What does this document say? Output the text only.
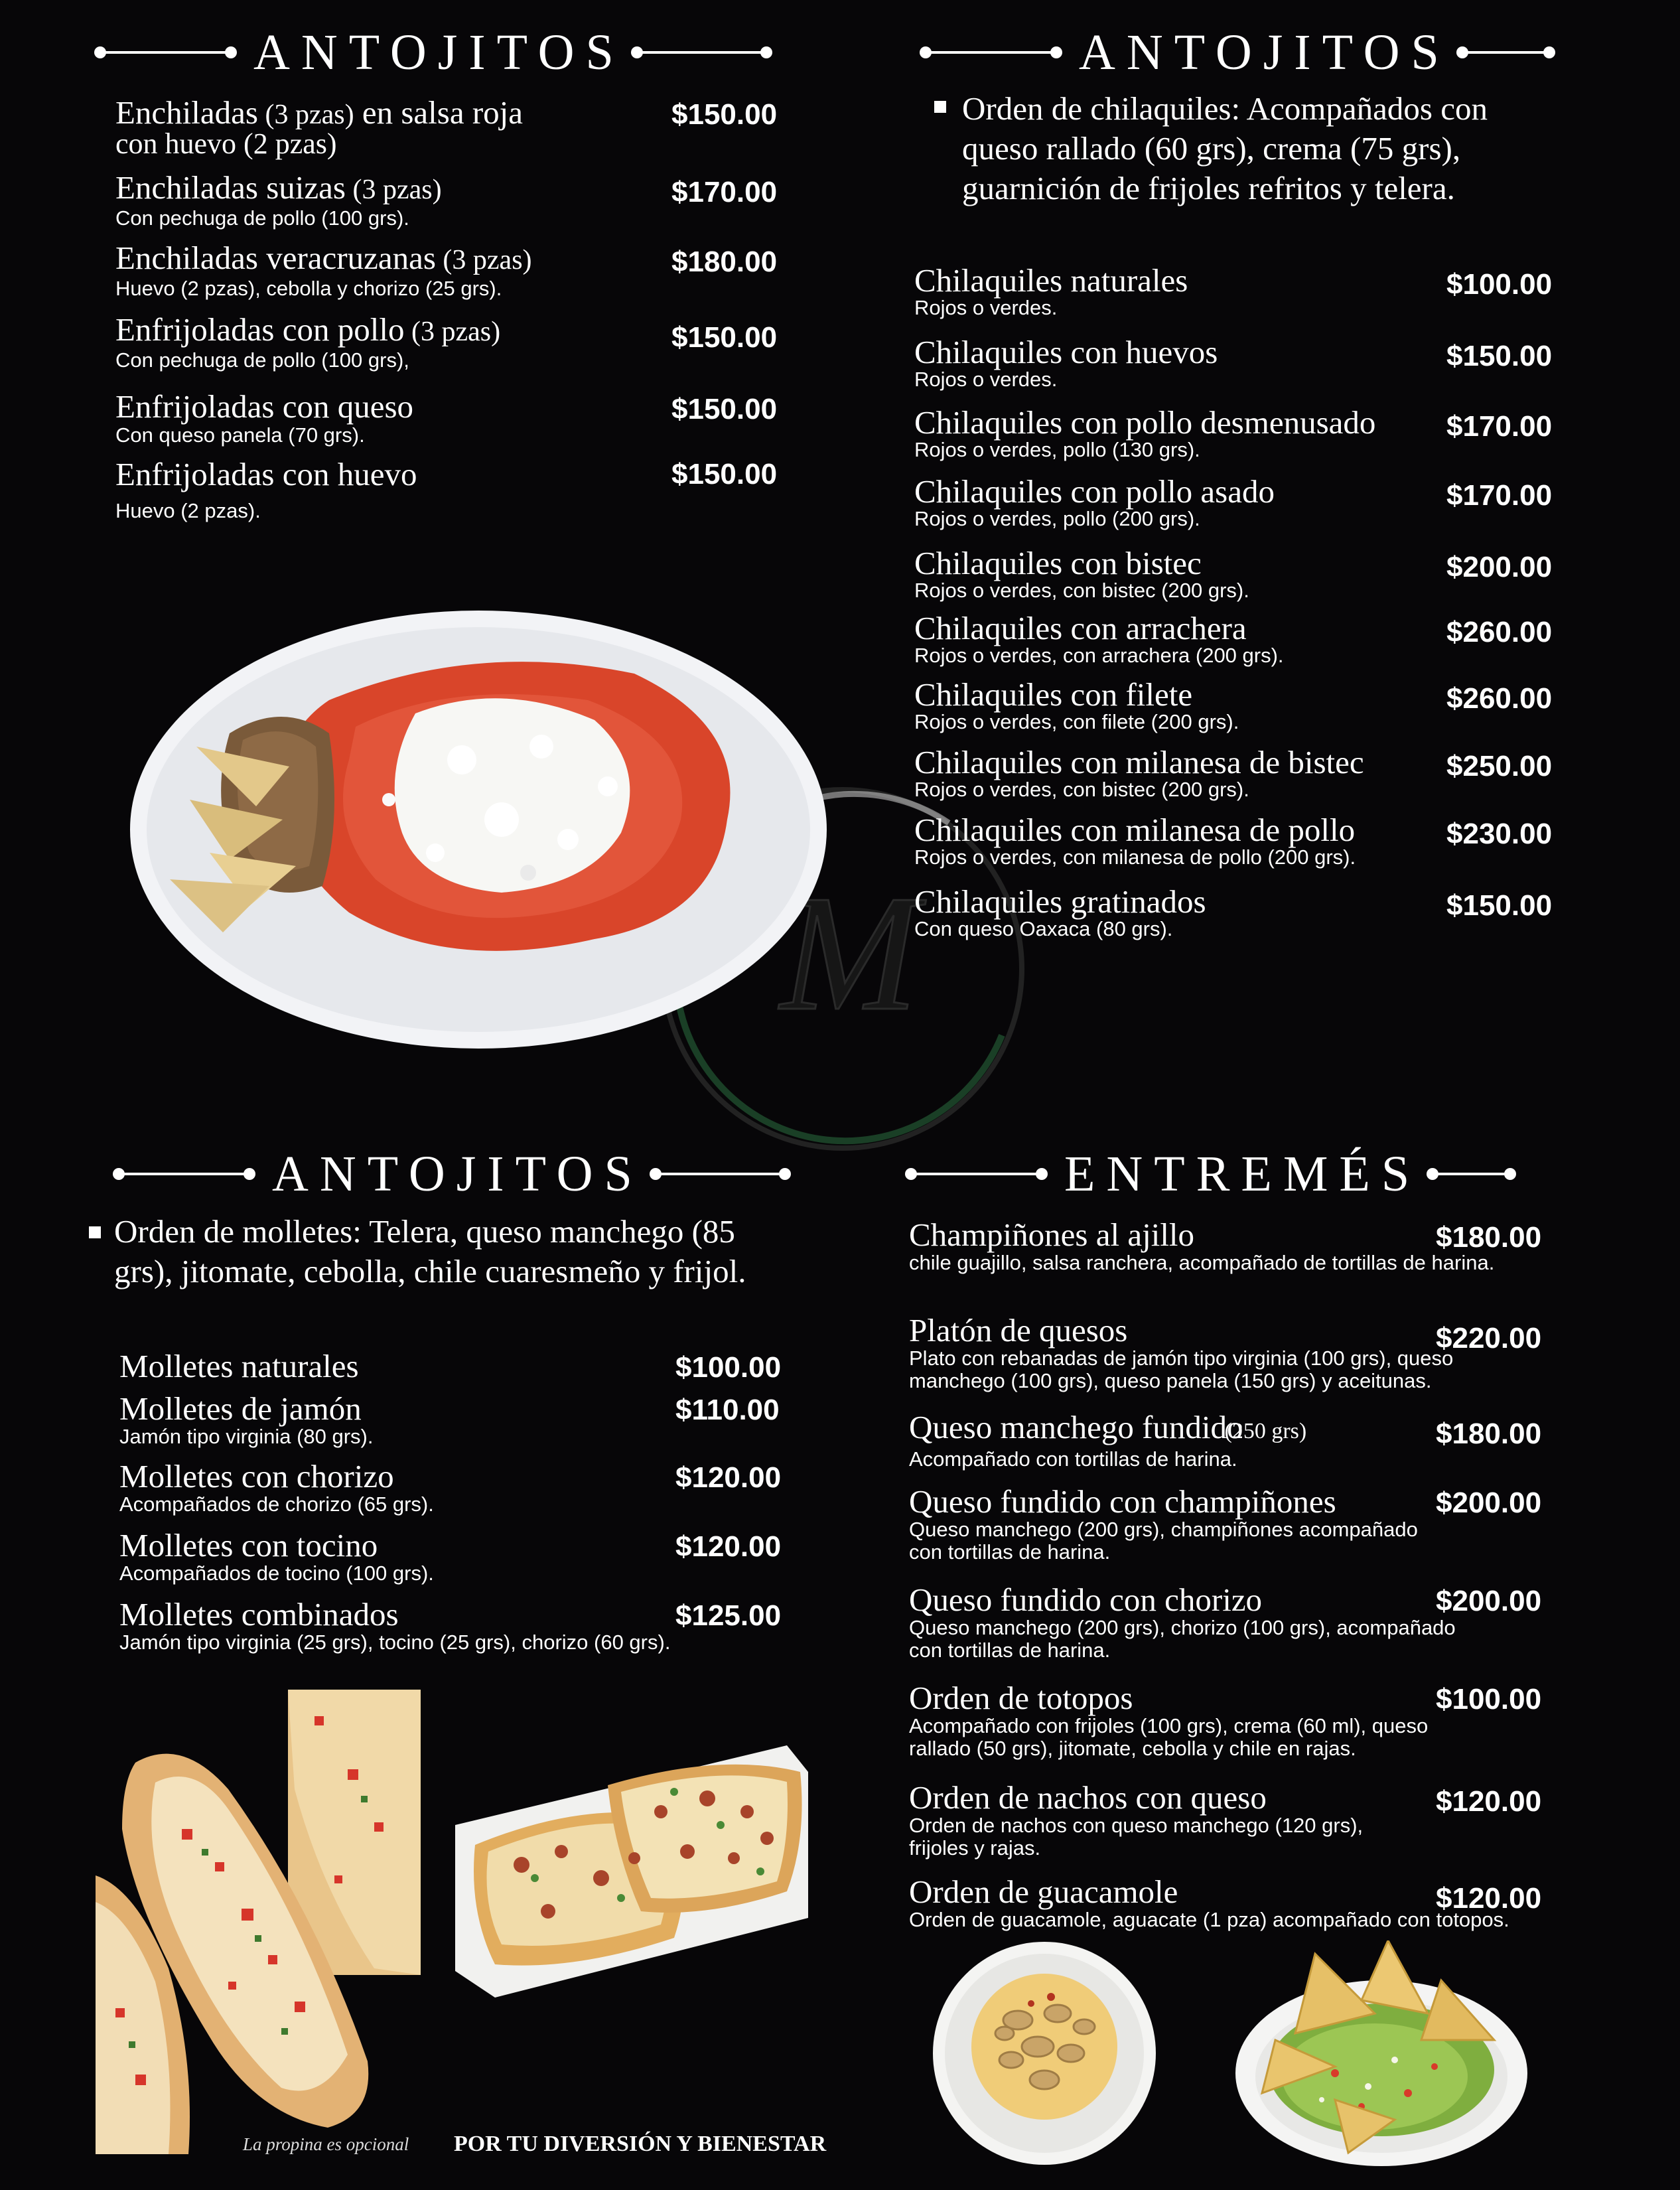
M
ANTOJITOS
Enchiladas (3 pzas) en salsa roja
con huevo (2 pzas)
$150.00
Enchiladas suizas (3 pzas)
Con pechuga de pollo (100 grs).
$170.00
Enchiladas veracruzanas (3 pzas)
Huevo (2 pzas), cebolla y chorizo (25 grs).
$180.00
Enfrijoladas con pollo (3 pzas)
Con pechuga de pollo (100 grs),
$150.00
Enfrijoladas con queso
Con queso panela (70 grs).
$150.00
Enfrijoladas con huevo
Huevo (2 pzas).
$150.00
ANTOJITOS
Orden de chilaquiles: Acompañados con queso rallado (60 grs), crema (75 grs), guarnición de frijoles refritos y telera.
Chilaquiles naturales
Rojos o verdes.
$100.00
Chilaquiles con huevos
Rojos o verdes.
$150.00
Chilaquiles con pollo desmenusado
Rojos o verdes, pollo (130 grs).
$170.00
Chilaquiles con pollo asado
Rojos o verdes, pollo (200 grs).
$170.00
Chilaquiles con bistec
Rojos o verdes, con bistec (200 grs).
$200.00
Chilaquiles con arrachera
Rojos o verdes, con arrachera (200 grs).
$260.00
Chilaquiles con filete
Rojos o verdes, con filete (200 grs).
$260.00
Chilaquiles con milanesa de bistec
Rojos o verdes, con bistec (200 grs).
$250.00
Chilaquiles con milanesa de pollo
Rojos o verdes, con milanesa de pollo (200 grs).
$230.00
Chilaquiles gratinados
Con queso Oaxaca (80 grs).
$150.00
ANTOJITOS
Orden de molletes: Telera, queso manchego (85 grs), jitomate, cebolla, chile cuaresmeño y frijol.
Molletes naturales	$100.00
Molletes de jamón
Jamón tipo virginia (80 grs).
$110.00
Molletes con chorizo
Acompañados de chorizo (65 grs).
$120.00
Molletes con tocino
Acompañados de tocino (100 grs).
$120.00
Molletes combinados
Jamón tipo virginia (25 grs), tocino (25 grs), chorizo (60 grs).
$125.00
ENTREMÉS
Champiñones al ajillo
chile guajillo, salsa ranchera, acompañado de tortillas de harina.
$180.00
Platón de quesos
Plato con rebanadas de jamón tipo virginia (100 grs), queso
manchego (100 grs), queso panela (150 grs) y aceitunas.
$220.00
Queso manchego fundido(250 grs)
Acompañado con tortillas de harina.
$180.00
Queso fundido con champiñones
Queso manchego (200 grs), champiñones acompañado
con tortillas de harina.
$200.00
Queso fundido con chorizo
Queso manchego (200 grs), chorizo (100 grs), acompañado
con tortillas de harina.
$200.00
Orden de totopos
Acompañado con frijoles (100 grs), crema (60 ml), queso
rallado (50 grs), jitomate, cebolla y chile en rajas.
$100.00
Orden de nachos con queso
Orden de nachos con queso manchego (120 grs),
frijoles y rajas.
$120.00
Orden de guacamole
Orden de guacamole, aguacate (1 pza) acompañado con totopos.
$120.00
La propina es opcional POR TU DIVERSIÓN Y BIENESTAR
